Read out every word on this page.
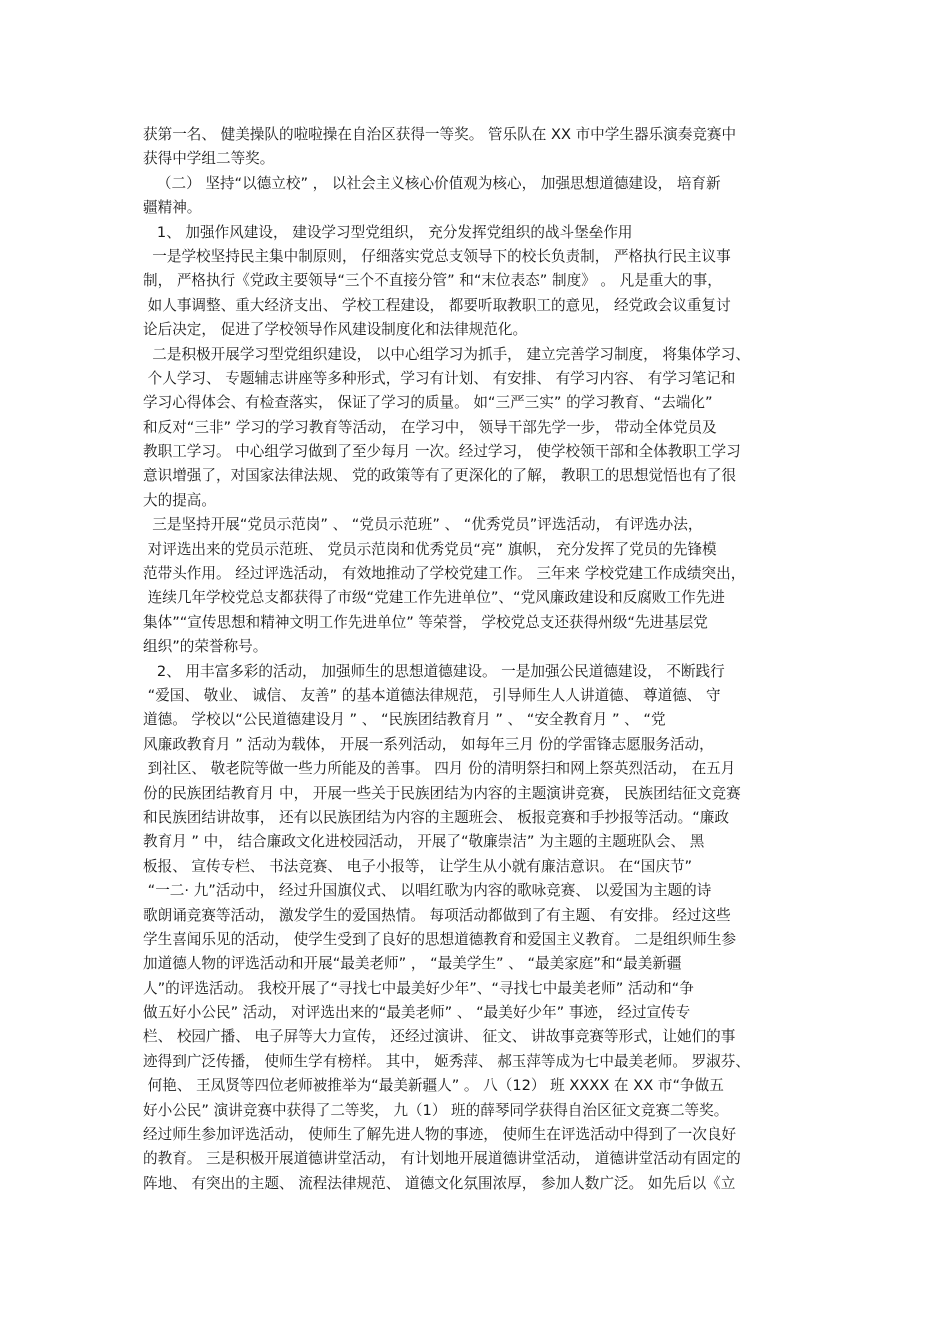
获第一名、 健美操队的啦啦操在自治区获得一等奖。 管乐队在 XX 市中学生器乐演奏竞赛中
获得中学组二等奖。
（二） 坚持“以德立校” ， 以社会主义核心价值观为核心， 加强思想道德建设， 培育新
疆精神。
1、 加强作风建设， 建设学习型党组织， 充分发挥党组织的战斗堡垒作用
一是学校坚持民主集中制原则， 仔细落实党总支领导下的校长负责制， 严格执行民主议事
制， 严格执行《党政主要领导“三个不直接分管” 和“末位表态” 制度》 。 凡是重大的事，
如人事调整、重大经济支出、 学校工程建设， 都要听取教职工的意见， 经党政会议重复讨
论后决定， 促进了学校领导作风建设制度化和法律规范化。
二是积极开展学习型党组织建设， 以中心组学习为抓手， 建立完善学习制度， 将集体学习、
个人学习、 专题辅志讲座等多种形式，学习有计划、 有安排、 有学习内容、 有学习笔记和
学习心得体会、有检查落实， 保证了学习的质量。 如“三严三实” 的学习教育、“去端化”
和反对“三非” 学习的学习教育等活动， 在学习中， 领导干部先学一步， 带动全体党员及
教职工学习。 中心组学习做到了至少每月 一次。经过学习， 使学校领干部和全体教职工学习
意识增强了，对国家法律法规、 党的政策等有了更深化的了解， 教职工的思想觉悟也有了很
大的提高。
三是坚持开展“党员示范岗” 、 “党员示范班” 、 “优秀党员”评选活动， 有评选办法，
对评选出来的党员示范班、 党员示范岗和优秀党员“亮” 旗帜， 充分发挥了党员的先锋模
范带头作用。 经过评选活动， 有效地推动了学校党建工作。 三年来 学校党建工作成绩突出，
连续几年学校党总支都获得了市级“党建工作先进单位”、“党风廉政建设和反腐败工作先进
集体”“宣传思想和精神文明工作先进单位” 等荣誉， 学校党总支还获得州级“先进基层党
组织”的荣誉称号。
2、 用丰富多彩的活动， 加强师生的思想道德建设。 一是加强公民道德建设， 不断践行
“爱国、 敬业、 诚信、 友善” 的基本道德法律规范， 引导师生人人讲道德、 尊道德、 守
道德。 学校以“公民道德建设月 ” 、 “民族团结教育月 ” 、 “安全教育月 ” 、 “党
风廉政教育月 ” 活动为载体， 开展一系列活动， 如每年三月 份的学雷锋志愿服务活动，
到社区、 敬老院等做一些力所能及的善事。 四月 份的清明祭扫和网上祭英烈活动， 在五月
份的民族团结教育月 中， 开展一些关于民族团结为内容的主题演讲竞赛， 民族团结征文竞赛
和民族团结讲故事， 还有以民族团结为内容的主题班会、 板报竞赛和手抄报等活动。“廉政
教育月 ” 中， 结合廉政文化进校园活动， 开展了“敬廉崇洁” 为主题的主题班队会、 黑
板报、 宣传专栏、 书法竞赛、 电子小报等， 让学生从小就有廉洁意识。 在“国庆节”
“一二· 九”活动中， 经过升国旗仪式、 以唱红歌为内容的歌咏竞赛、 以爱国为主题的诗
歌朗诵竞赛等活动， 激发学生的爱国热情。 每项活动都做到了有主题、 有安排。 经过这些
学生喜闻乐见的活动， 使学生受到了良好的思想道德教育和爱国主义教育。 二是组织师生参
加道德人物的评选活动和开展“最美老师” ， “最美学生” 、 “最美家庭”和“最美新疆
人”的评选活动。 我校开展了“寻找七中最美好少年”、“寻找七中最美老师” 活动和“争
做五好小公民” 活动， 对评选出来的“最美老师” 、 “最美好少年” 事迹， 经过宣传专
栏、 校园广播、 电子屏等大力宣传， 还经过演讲、 征文、 讲故事竞赛等形式，让她们的事
迹得到广泛传播， 使师生学有榜样。 其中， 姬秀萍、 郝玉萍等成为七中最美老师。 罗淑芬、
何艳、 王凤贤等四位老师被推举为“最美新疆人” 。 八（12） 班 XXXX 在 XX 市“争做五
好小公民” 演讲竞赛中获得了二等奖， 九（1） 班的薛琴同学获得自治区征文竞赛二等奖。
经过师生参加评选活动， 使师生了解先进人物的事迹， 使师生在评选活动中得到了一次良好
的教育。 三是积极开展道德讲堂活动， 有计划地开展道德讲堂活动， 道德讲堂活动有固定的
阵地、 有突出的主题、 流程法律规范、 道德文化氛围浓厚， 参加人数广泛。 如先后以《立
